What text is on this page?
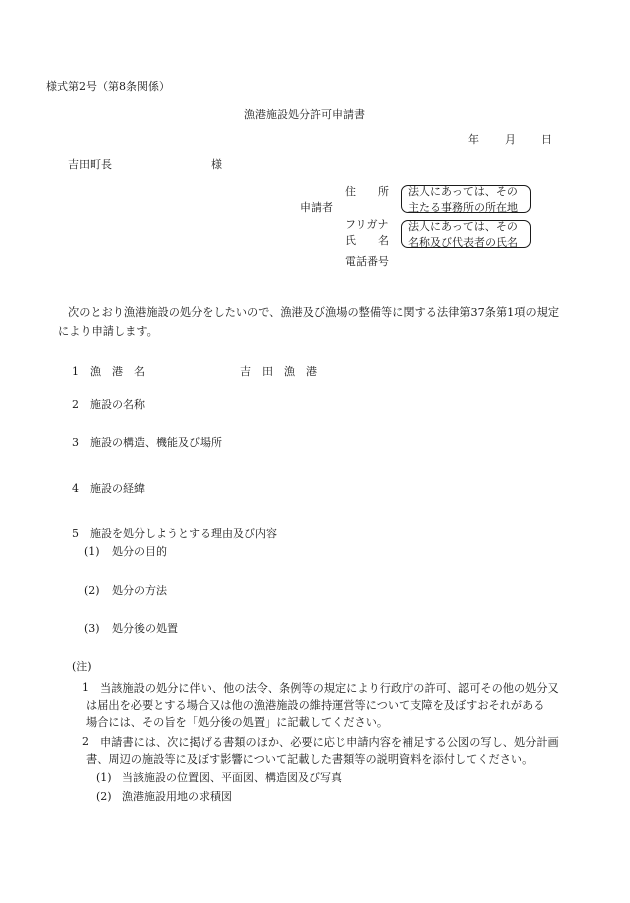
様式第2号（第8条関係）
漁港施設処分許可申請書
年 月 日
吉田町長	様
申請者
住　　所 法人にあっては、その
主たる事務所の所在地
フリガナ
氏　　名
法人にあっては、その
名称及び代表者の氏名
電話番号
次のとおり漁港施設の処分をしたいので、漁港及び漁場の整備等に関する法律第37条第1項の規定
により申請します。
1 漁　港　名	吉　田　漁　港
2 施設の名称
3 施設の構造、機能及び場所
4 施設の経緯
5 施設を処分しようとする理由及び内容
(1) 処分の目的
(2) 処分の方法
(3) 処分後の処置
(注)
1 当該施設の処分に伴い、他の法令、条例等の規定により行政庁の許可、認可その他の処分又
は届出を必要とする場合又は他の漁港施設の維持運営等について支障を及ぼすおそれがある
場合には、その旨を「処分後の処置」に記載してください。
2 申請書には、次に掲げる書類のほか、必要に応じ申請内容を補足する公図の写し、処分計画
書、周辺の施設等に及ぼす影響について記載した書類等の説明資料を添付してください。
(1) 当該施設の位置図、平面図、構造図及び写真
(2) 漁港施設用地の求積図
